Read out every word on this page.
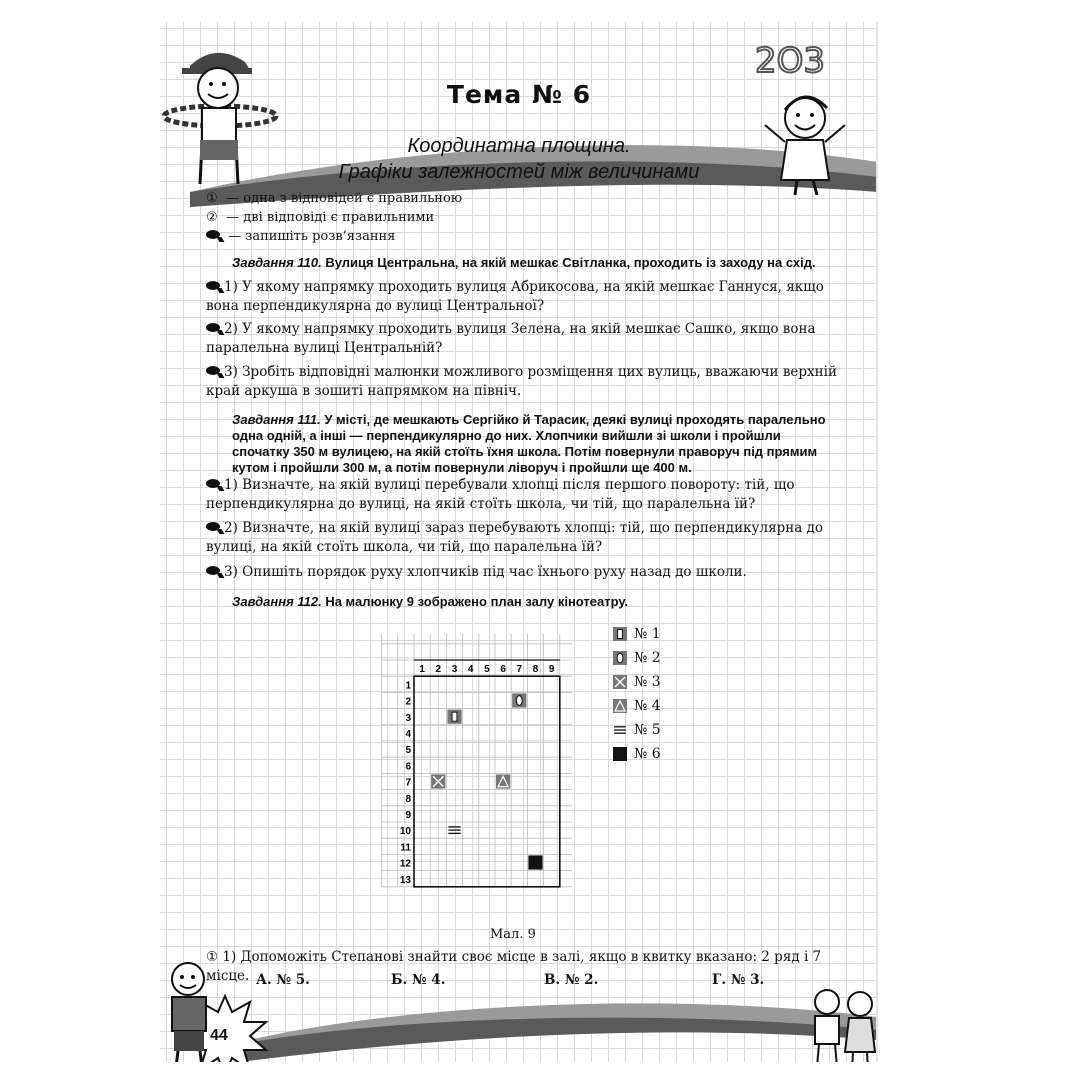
2O3
Тема № 6
Координатна площина.
Графіки залежностей між величинами
① — одна з відповідей є правильною
② — дві відповіді є правильними
— запишіть розв’язання
Завдання 110. Вулиця Центральна, на якій мешкає Світланка, проходить із заходу на схід.
1) У якому напрямку проходить вулиця Абрикосова, на якій мешкає Ганнуся, якщо вона перпендикулярна до вулиці Центральної?
2) У якому напрямку проходить вулиця Зелена, на якій мешкає Сашко, якщо вона паралельна вулиці Центральній?
3) Зробіть відповідні малюнки можливого розміщення цих вулиць, вважаючи верхній край аркуша в зошиті напрямком на північ.
Завдання 111. У місті, де мешкають Сергійко й Тарасик, деякі вулиці проходять паралельно одна одній, а інші — перпендикулярно до них. Хлопчики вийшли зі школи і пройшли спочатку 350 м вулицею, на якій стоїть їхня школа. Потім повернули праворуч під прямим кутом і пройшли 300 м, а потім повернули ліворуч і пройшли ще 400 м.
1) Визначте, на якій вулиці перебували хлопці після першого повороту: тій, що перпендикулярна до вулиці, на якій стоїть школа, чи тій, що паралельна їй?
2) Визначте, на якій вулиці зараз перебувають хлопці: тій, що перпендикулярна до вулиці, на якій стоїть школа, чи тій, що паралельна їй?
3) Опишіть порядок руху хлопчиків під час їхнього руху назад до школи.
Завдання 112. На малюнку 9 зображено план залу кінотеатру.
1 2 3 4 5 6 7 8 9
1
2
3
4
5
6
7
8
9
10
11
12
13
№ 1
№ 2
№ 3
№ 4
№ 5
№ 6
Мал. 9
① 1) Допоможіть Степанові знайти своє місце в залі, якщо в квитку вказано: 2 ряд і 7 місце. А. № 5.	Б. № 4.	В. № 2.	Г. № 3.
44
